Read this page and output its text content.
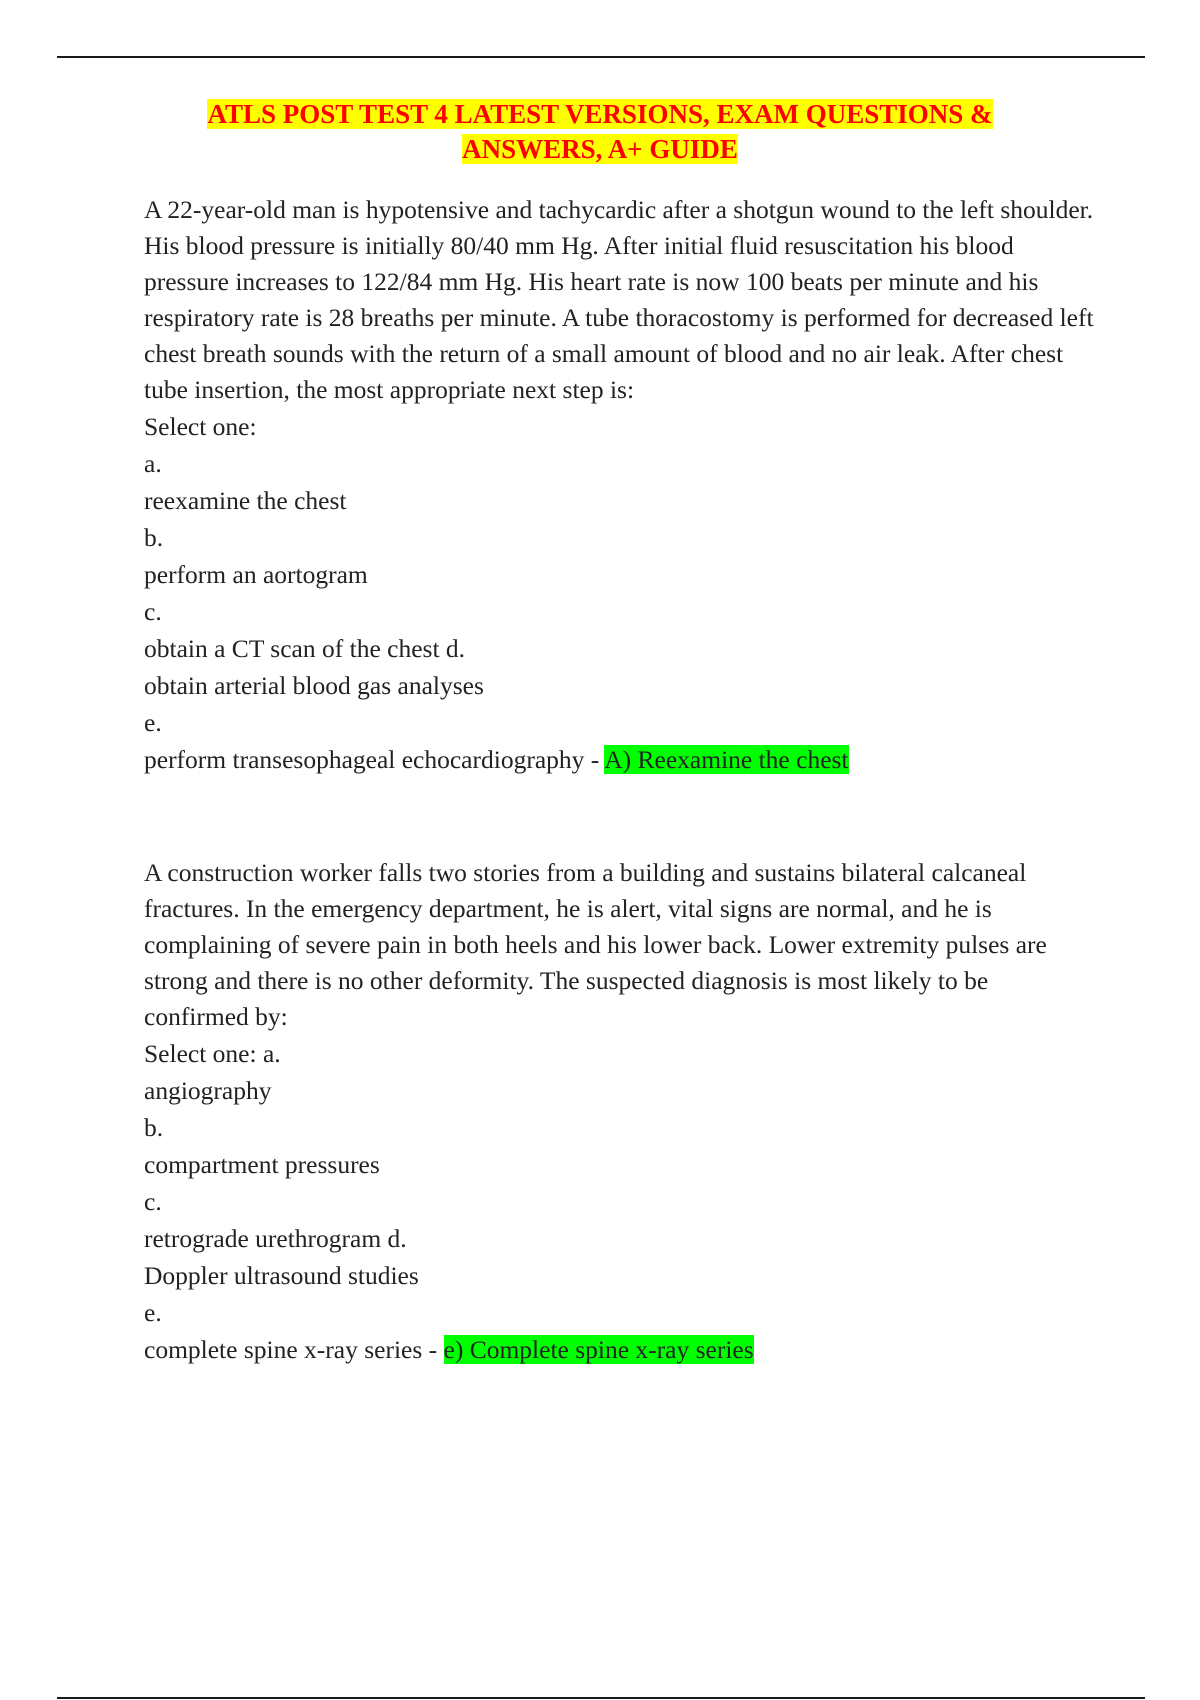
ATLS POST TEST 4 LATEST VERSIONS, EXAM QUESTIONS &
ANSWERS, A+ GUIDE

A 22-year-old man is hypotensive and tachycardic after a shotgun wound to the left shoulder. His blood pressure is initially 80/40 mm Hg. After initial fluid resuscitation his blood pressure increases to 122/84 mm Hg. His heart rate is now 100 beats per minute and his respiratory rate is 28 breaths per minute. A tube thoracostomy is performed for decreased left chest breath sounds with the return of a small amount of blood and no air leak. After chest tube insertion, the most appropriate next step is:

Select one:

a.

reexamine the chest

b.

perform an aortogram

c.

obtain a CT scan of the chest d.

obtain arterial blood gas analyses

e.

perform transesophageal echocardiography - A) Reexamine the chest

A construction worker falls two stories from a building and sustains bilateral calcaneal fractures. In the emergency department, he is alert, vital signs are normal, and he is complaining of severe pain in both heels and his lower back. Lower extremity pulses are strong and there is no other deformity. The suspected diagnosis is most likely to be confirmed by:

Select one: a.

angiography

b.

compartment pressures

c.

retrograde urethrogram d.

Doppler ultrasound studies

e.

complete spine x-ray series - e) Complete spine x-ray series
